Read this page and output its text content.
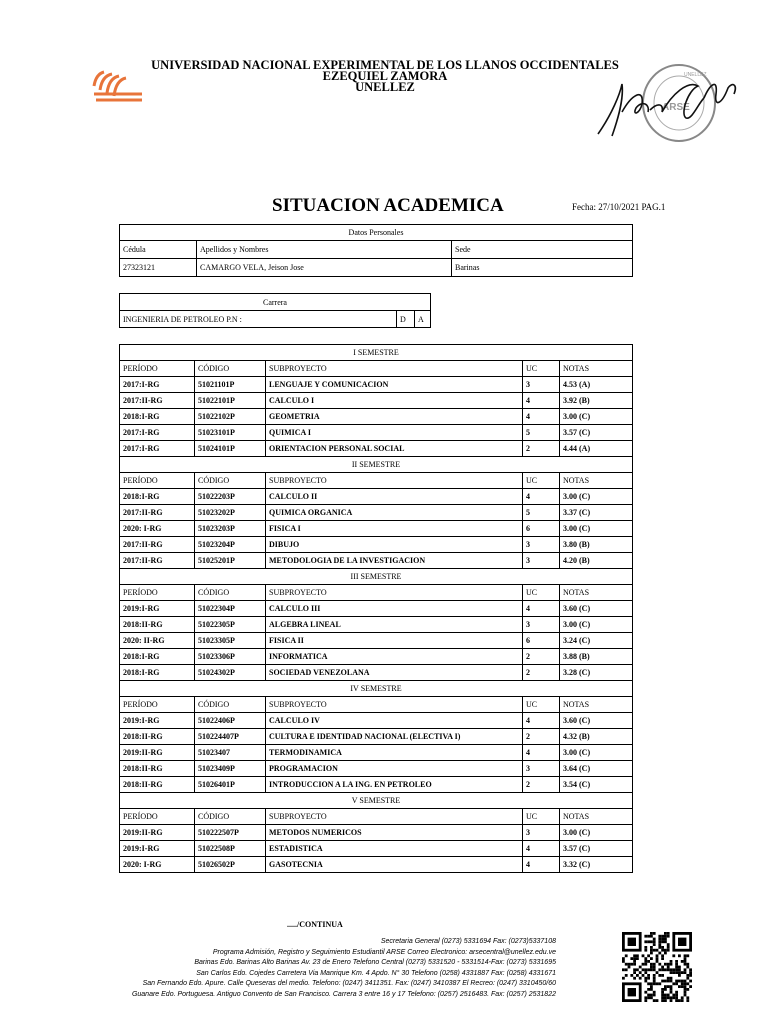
UNIVERSIDAD NACIONAL EXPERIMENTAL DE LOS LLANOS OCCIDENTALES
EZEQUIEL ZAMORA
UNELLEZ
ARSE
UNELLEZ
SITUACION ACADEMICA	Fecha: 27/10/2021 PAG.1
Datos Personales		
Cédula	Apellidos y Nombres	Sede
27323121	CAMARGO VELA, Jeison Jose	Barinas
Carrera
INGENIERIA DE PETROLEO P.N :	D	A
I SEMESTRE				
PERÍODO	CÓDIGO	SUBPROYECTO	UC	NOTAS
2017:I-RG	51021101P	LENGUAJE Y COMUNICACION	3	4.53 (A)
2017:II-RG	51022101P	CALCULO I	4	3.92 (B)
2018:I-RG	51022102P	GEOMETRIA	4	3.00 (C)
2017:I-RG	51023101P	QUIMICA I	5	3.57 (C)
2017:I-RG	51024101P	ORIENTACION PERSONAL SOCIAL	2	4.44 (A)
II SEMESTRE				
PERÍODO	CÓDIGO	SUBPROYECTO	UC	NOTAS
2018:I-RG	51022203P	CALCULO II	4	3.00 (C)
2017:II-RG	51023202P	QUIMICA ORGANICA	5	3.37 (C)
2020: I-RG	51023203P	FISICA I	6	3.00 (C)
2017:II-RG	51023204P	DIBUJO	3	3.80 (B)
2017:II-RG	51025201P	METODOLOGIA DE LA INVESTIGACION	3	4.20 (B)
III SEMESTRE				
PERÍODO	CÓDIGO	SUBPROYECTO	UC	NOTAS
2019:I-RG	51022304P	CALCULO III	4	3.60 (C)
2018:II-RG	51022305P	ALGEBRA LINEAL	3	3.00 (C)
2020: II-RG	51023305P	FISICA II	6	3.24 (C)
2018:I-RG	51023306P	INFORMATICA	2	3.88 (B)
2018:I-RG	51024302P	SOCIEDAD VENEZOLANA	2	3.28 (C)
IV SEMESTRE				
PERÍODO	CÓDIGO	SUBPROYECTO	UC	NOTAS
2019:I-RG	51022406P	CALCULO IV	4	3.60 (C)
2018:II-RG	510224407P	CULTURA E IDENTIDAD NACIONAL (ELECTIVA I)	2	4.32 (B)
2019:II-RG	51023407	TERMODINAMICA	4	3.00 (C)
2018:II-RG	51023409P	PROGRAMACION	3	3.64 (C)
2018:II-RG	51026401P	INTRODUCCION A LA ING. EN PETROLEO	2	3.54 (C)
V SEMESTRE				
PERÍODO	CÓDIGO	SUBPROYECTO	UC	NOTAS
2019:II-RG	510222507P	METODOS NUMERICOS	3	3.00 (C)
2019:I-RG	51022508P	ESTADISTICA	4	3.57 (C)
2020: I-RG	51026502P	GASOTECNIA	4	3.32 (C)
...../CONTINUA
Secretaria General (0273) 5331694 Fax: (0273)5337108
Programa Admisión, Registro y Seguimiento Estudiantil ARSE Correo Electronico: arsecentral@unellez.edu.ve
Barinas Edo. Barinas Alto Barinas Av. 23 de Enero Telefono Central (0273) 5331520 - 5331514-Fax: (0273) 5331695
San Carlos Edo. Cojedes Carretera Via Manrique Km. 4 Apdo. N° 30 Telefono (0258) 4331887 Fax: (0258) 4331671
San Fernando Edo. Apure. Calle Queseras del medio. Telefono: (0247) 3411351. Fax: (0247) 3410387 El Recreo: (0247) 3310450/60
Guanare Edo. Portuguesa. Antiguo Convento de San Francisco. Carrera 3 entre 16 y 17 Telefono: (0257) 2516483. Fax: (0257) 2531822
